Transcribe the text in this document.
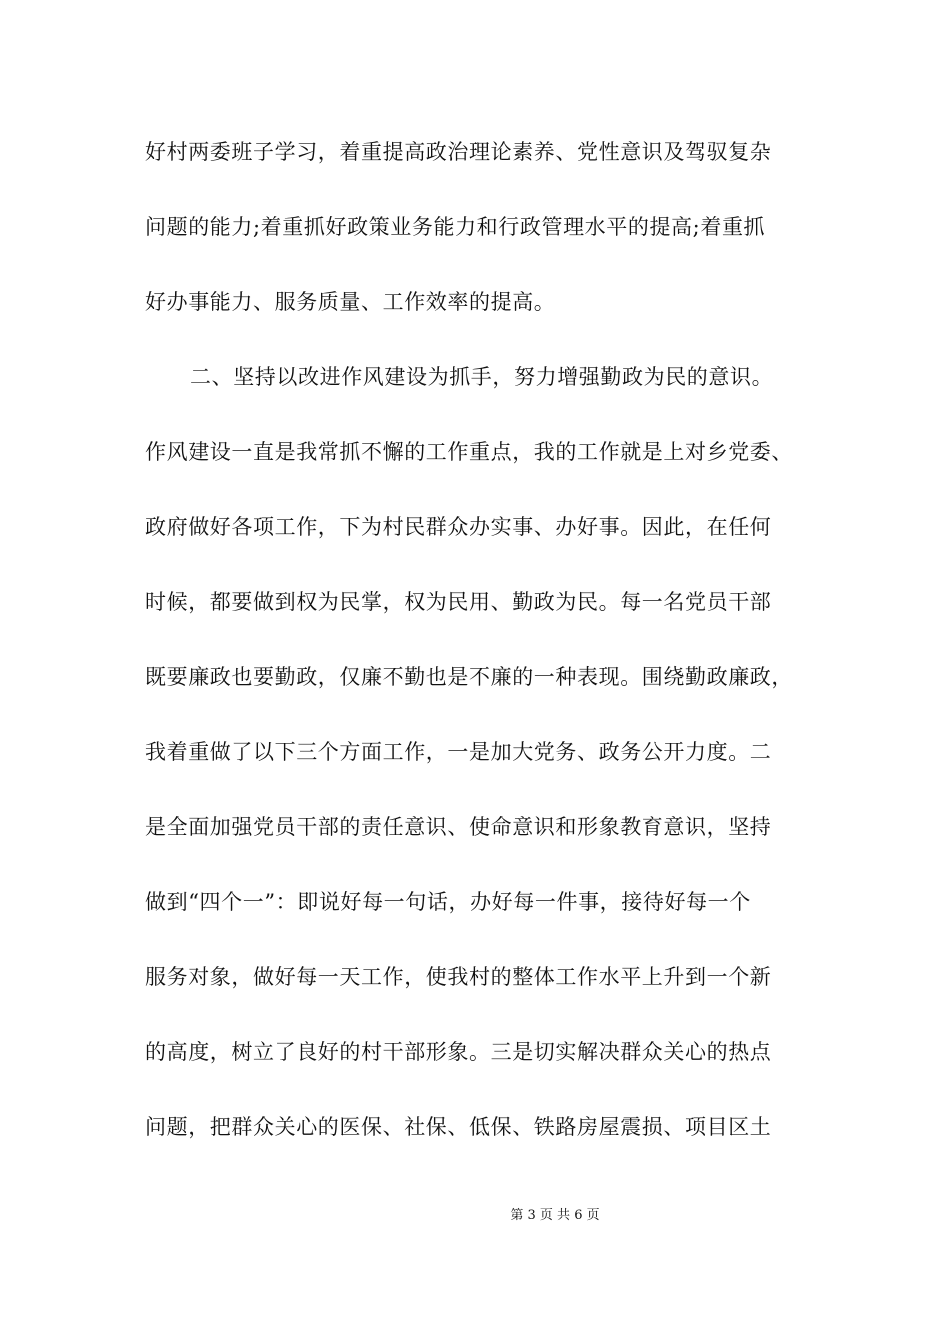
好村两委班子学习，着重提高政治理论素养、党性意识及驾驭复杂
问题的能力;着重抓好政策业务能力和行政管理水平的提高;着重抓
好办事能力、服务质量、工作效率的提高。
二、坚持以改进作风建设为抓手，努力增强勤政为民的意识。
作风建设一直是我常抓不懈的工作重点，我的工作就是上对乡党委、
政府做好各项工作，下为村民群众办实事、办好事。因此，在任何
时候，都要做到权为民掌，权为民用、勤政为民。每一名党员干部
既要廉政也要勤政，仅廉不勤也是不廉的一种表现。围绕勤政廉政，
我着重做了以下三个方面工作，一是加大党务、政务公开力度。二
是全面加强党员干部的责任意识、使命意识和形象教育意识，坚持
做到“四个一”：即说好每一句话，办好每一件事，接待好每一个
服务对象，做好每一天工作，使我村的整体工作水平上升到一个新
的高度，树立了良好的村干部形象。三是切实解决群众关心的热点
问题，把群众关心的医保、社保、低保、铁路房屋震损、项目区土
第 3 页 共 6 页
